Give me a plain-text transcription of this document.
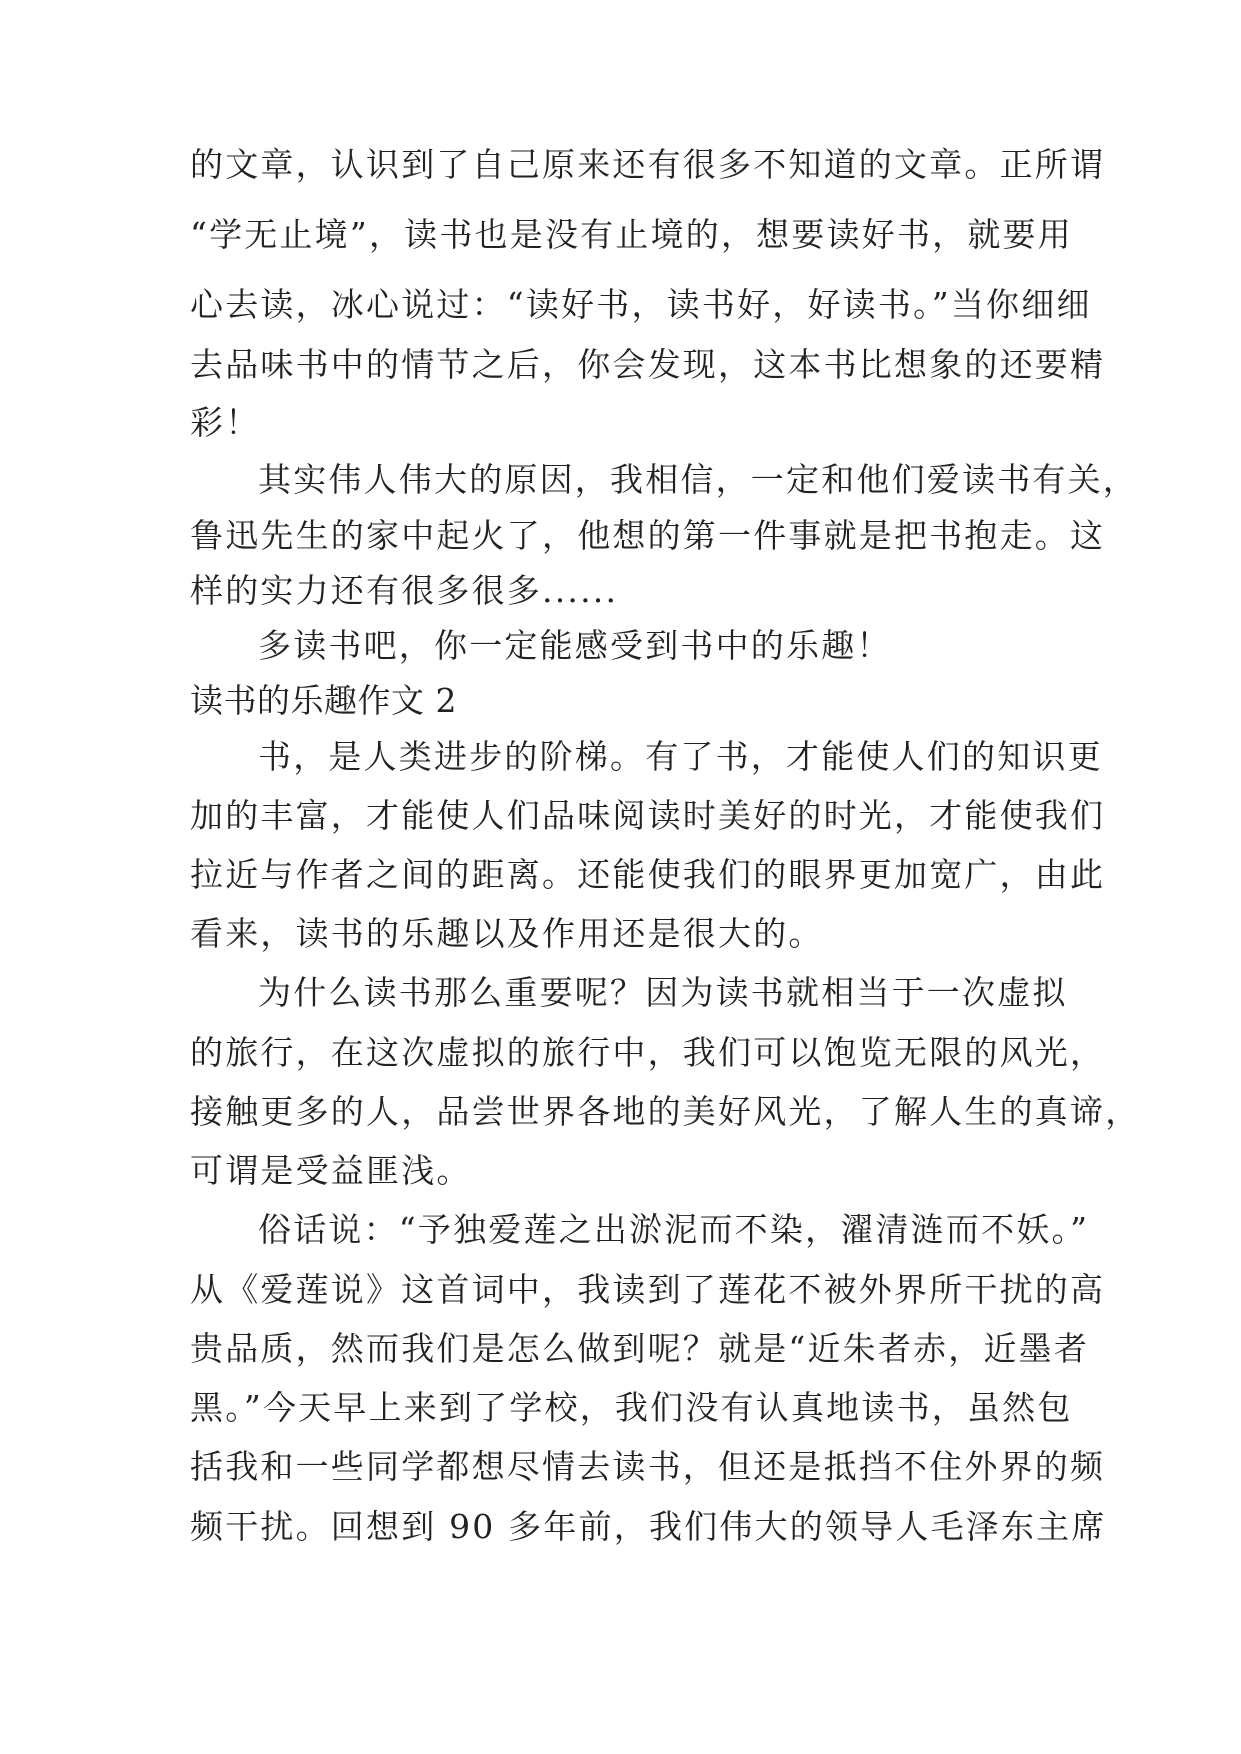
的文章，认识到了自己原来还有很多不知道的文章。正所谓
“学无止境”，读书也是没有止境的，想要读好书，就要用
心去读，冰心说过：“读好书，读书好，好读书。”当你细细
去品味书中的情节之后，你会发现，这本书比想象的还要精
彩！
其实伟人伟大的原因，我相信，一定和他们爱读书有关，
鲁迅先生的家中起火了，他想的第一件事就是把书抱走。这
样的实力还有很多很多......
多读书吧，你一定能感受到书中的乐趣！
读书的乐趣作文 2
书，是人类进步的阶梯。有了书，才能使人们的知识更
加的丰富，才能使人们品味阅读时美好的时光，才能使我们
拉近与作者之间的距离。还能使我们的眼界更加宽广，由此
看来，读书的乐趣以及作用还是很大的。
为什么读书那么重要呢？因为读书就相当于一次虚拟
的旅行，在这次虚拟的旅行中，我们可以饱览无限的风光，
接触更多的人，品尝世界各地的美好风光，了解人生的真谛，
可谓是受益匪浅。
俗话说：“予独爱莲之出淤泥而不染，濯清涟而不妖。”
从《爱莲说》这首词中，我读到了莲花不被外界所干扰的高
贵品质，然而我们是怎么做到呢？就是“近朱者赤，近墨者
黑。”今天早上来到了学校，我们没有认真地读书，虽然包
括我和一些同学都想尽情去读书，但还是抵挡不住外界的频
频干扰。回想到 90 多年前，我们伟大的领导人毛泽东主席
